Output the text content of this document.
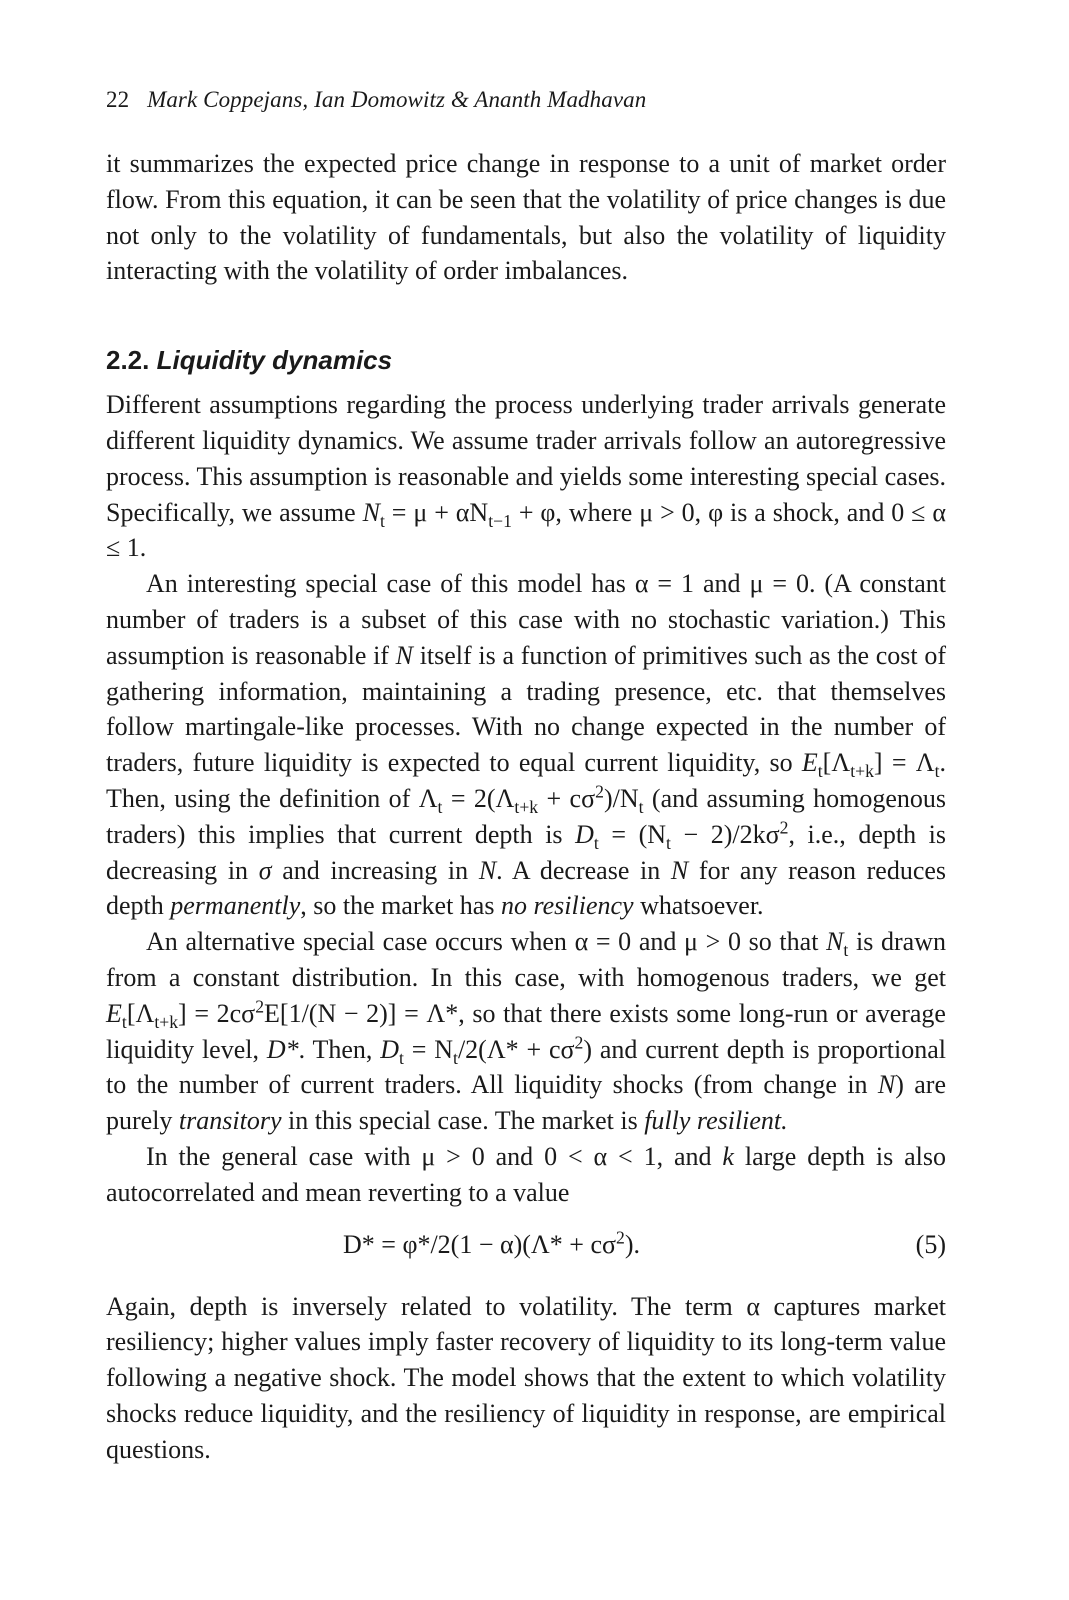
22 Mark Coppejans, Ian Domowitz & Ananth Madhavan

it summarizes the expected price change in response to a unit of market order flow. From this equation, it can be seen that the volatility of price changes is due not only to the volatility of fundamentals, but also the volatility of liquidity interacting with the volatility of order imbalances.

2.2. Liquidity dynamics

Different assumptions regarding the process underlying trader arrivals generate different liquidity dynamics. We assume trader arrivals follow an autoregressive process. This assumption is reasonable and yields some interesting special cases. Specifically, we assume $N_t = \mu + \alpha N_{t-1} + \varphi$, where μ > 0, φ is a shock, and 0 ≤ α ≤ 1.

An interesting special case of this model has α = 1 and μ = 0. (A constant number of traders is a subset of this case with no stochastic variation.) This assumption is reasonable if N itself is a function of primitives such as the cost of gathering information, maintaining a trading presence, etc. that themselves follow martingale-like processes. With no change expected in the number of traders, future liquidity is expected to equal current liquidity, so $E_t[\Lambda_{t+k}] = \Lambda_t$. Then, using the definition of $\Lambda_t = 2(\Lambda_{t+k} + c\sigma^2)/N_t$ (and assuming homogenous traders) this implies that current depth is $D_t = (N_t - 2)/2k\sigma^2$, i.e., depth is decreasing in σ and increasing in N. A decrease in N for any reason reduces depth permanently, so the market has no resiliency whatsoever.

An alternative special case occurs when α = 0 and μ > 0 so that $N_t$ is drawn from a constant distribution. In this case, with homogenous traders, we get $E_t[\Lambda_{t+k}] = 2c\sigma^2E[1/(N - 2)] = \Lambda*$, so that there exists some long-run or average liquidity level, D*. Then, $D_t = N_t/2(\Lambda* + c\sigma^2)$ and current depth is proportional to the number of current traders. All liquidity shocks (from change in N) are purely transitory in this special case. The market is fully resilient.

In the general case with μ > 0 and 0 < α < 1, and k large depth is also autocorrelated and mean reverting to a value

$D* = \varphi*/2(1 - \alpha)(\Lambda* + c\sigma^2)$.	(5)

Again, depth is inversely related to volatility. The term α captures market resiliency; higher values imply faster recovery of liquidity to its long-term value following a negative shock. The model shows that the extent to which volatility shocks reduce liquidity, and the resiliency of liquidity in response, are empirical questions.
